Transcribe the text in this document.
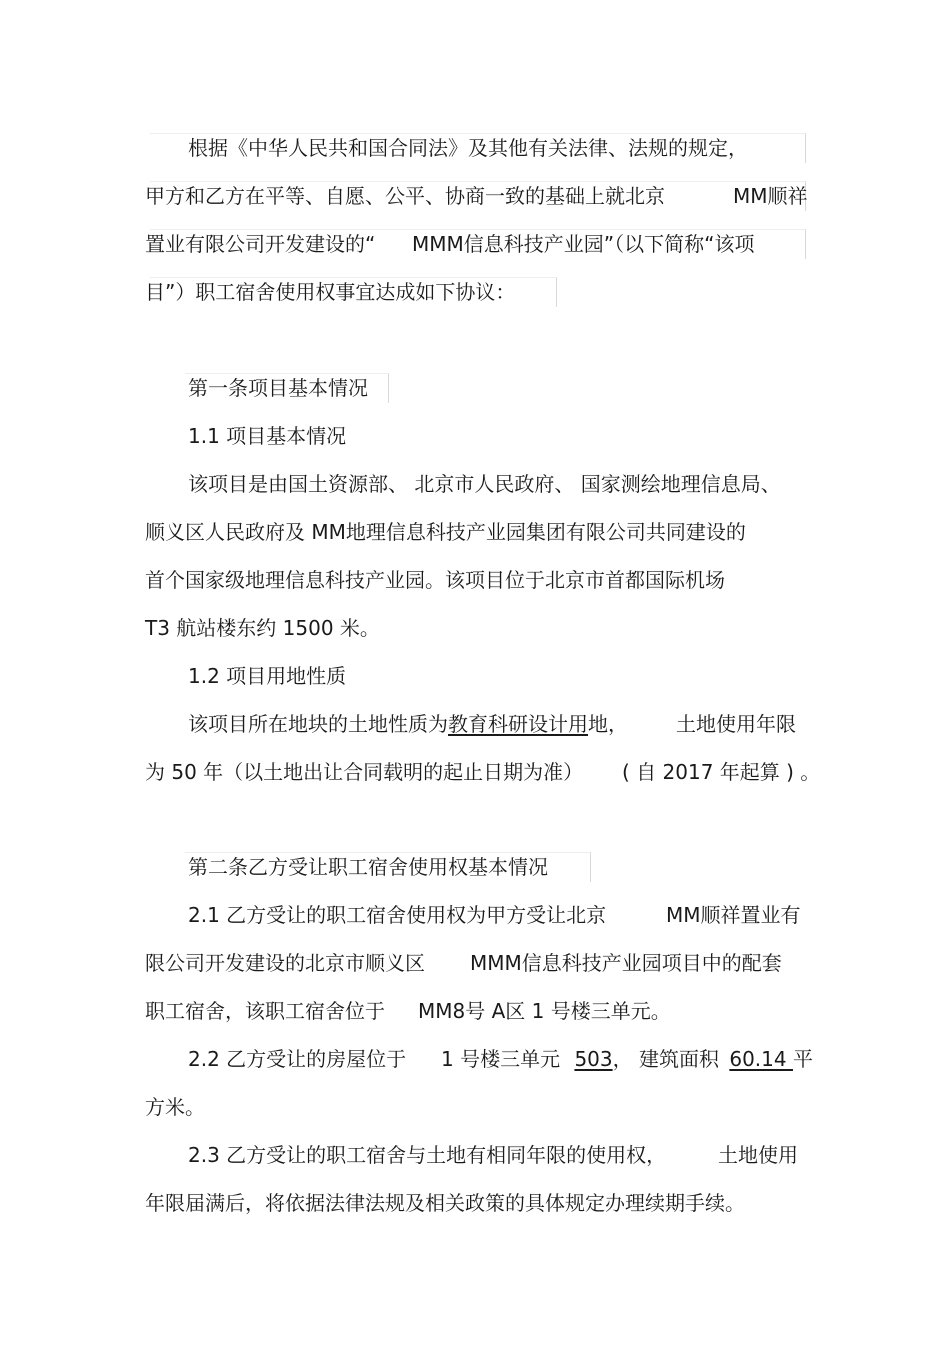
根据《中华人民共和国合同法》及其他有关法律、法规的规定，
甲方和乙方在平等、自愿、公平、协商一致的基础上就北京	MM顺祥
置业有限公司开发建设的“ MMM信息科技产业园”（以下简称“该项
目”）职工宿舍使用权事宜达成如下协议：
第一条项目基本情况
1.1 项目基本情况
该项目是由国土资源部、 北京市人民政府、 国家测绘地理信息局、
顺义区人民政府及 MM地理信息科技产业园集团有限公司共同建设的
首个国家级地理信息科技产业园。该项目位于北京市首都国际机场
T3 航站楼东约 1500 米。
1.2 项目用地性质
该项目所在地块的土地性质为教育科研设计用地， 土地使用年限
为 50 年（以土地出让合同载明的起止日期为准） ( 自 2017 年起算 ) 。
第二条乙方受让职工宿舍使用权基本情况
2.1 乙方受让的职工宿舍使用权为甲方受让北京	MM顺祥置业有
限公司开发建设的北京市顺义区 MMM信息科技产业园项目中的配套
职工宿舍，该职工宿舍位于 MM8号 A区 1 号楼三单元。
2.2 乙方受让的房屋位于 1 号楼三单元 503， 建筑面积 60.14 平
方米。
2.3 乙方受让的职工宿舍与土地有相同年限的使用权，	土地使用
年限届满后，将依据法律法规及相关政策的具体规定办理续期手续。
